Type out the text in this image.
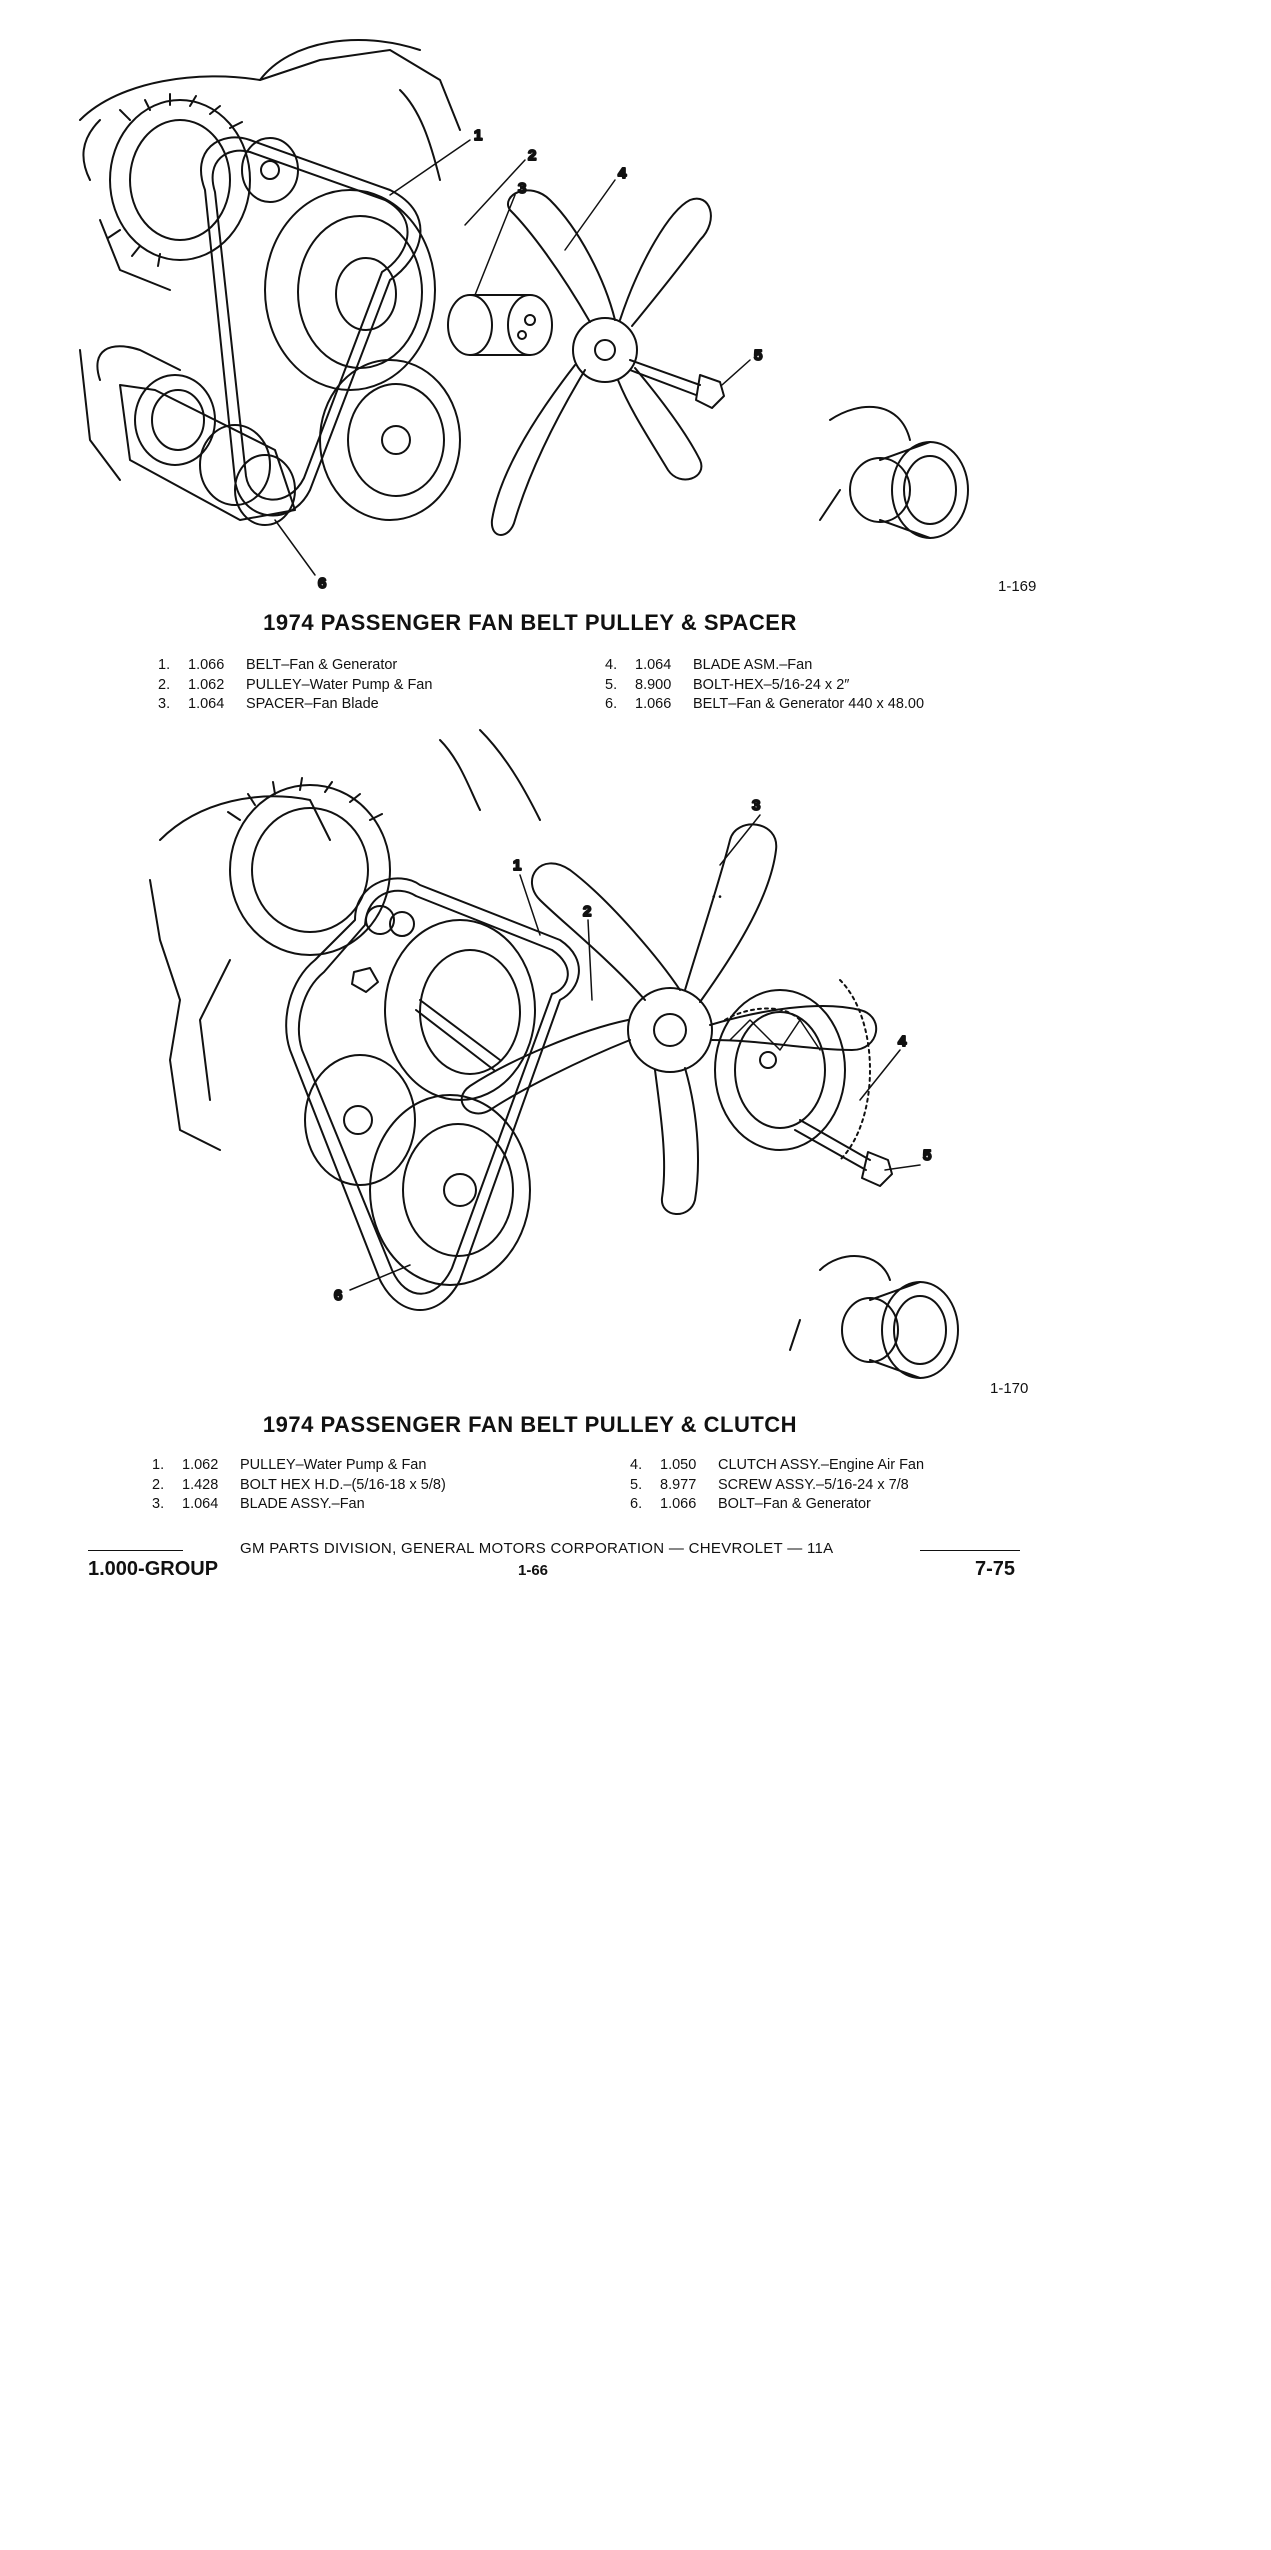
1
2
3
4
5
6	1-169
1974 PASSENGER FAN BELT PULLEY & SPACER
1.	1.066	BELT–Fan & Generator
2.	1.062	PULLEY–Water Pump & Fan
3.	1.064	SPACER–Fan Blade
4.	1.064	BLADE ASM.–Fan
5.	8.900	BOLT-HEX–5/16-24 x 2″
6.	1.066	BELT–Fan & Generator 440 x 48.00
• •
1
2
3
4
5
6
1-170
1974 PASSENGER FAN BELT PULLEY & CLUTCH
1.	1.062	PULLEY–Water Pump & Fan
2.	1.428	BOLT HEX H.D.–(5/16-18 x 5/8)
3.	1.064	BLADE ASSY.–Fan
4.	1.050	CLUTCH ASSY.–Engine Air Fan
5.	8.977	SCREW ASSY.–5/16-24 x 7/8
6.	1.066	BOLT–Fan & Generator
GM PARTS DIVISION, GENERAL MOTORS CORPORATION — CHEVROLET — 11A
1.000-GROUP	1-66	7-75
